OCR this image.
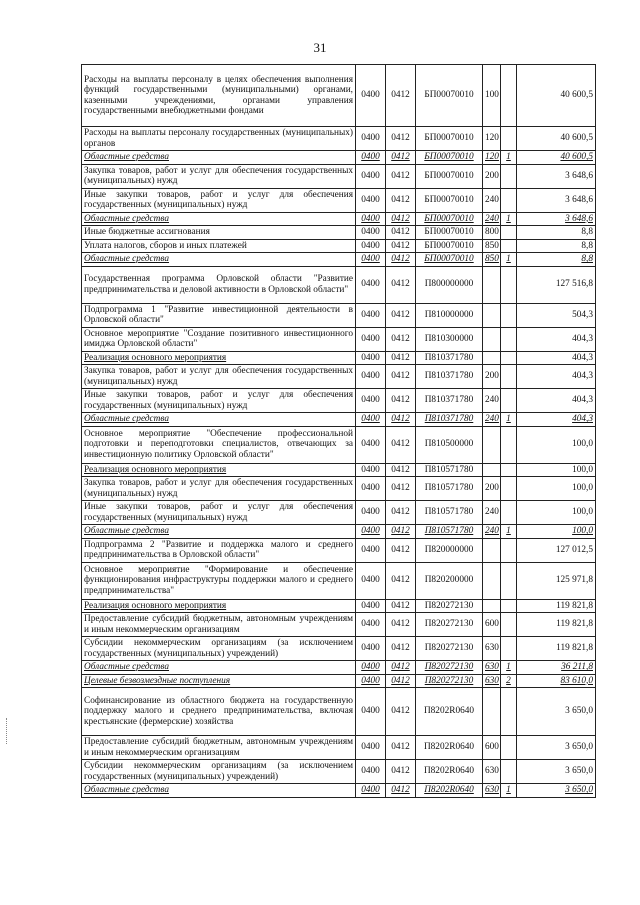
31
Расходы на выплаты персоналу в целях обеспечения выполнения функций государственными (муниципальными) органами, казенными учреждениями, органами управления государственными внебюджетными фондами	0400	0412	БП00070010	100		40 600,5
Расходы на выплаты персоналу государственных (муниципальных) органов	0400	0412	БП00070010	120		40 600,5
Областные средства	0400	0412	БП00070010	120	1	40 600,5
Закупка товаров, работ и услуг для обеспечения государственных (муниципальных) нужд	0400	0412	БП00070010	200		3 648,6
Иные закупки товаров, работ и услуг для обеспечения государственных (муниципальных) нужд	0400	0412	БП00070010	240		3 648,6
Областные средства	0400	0412	БП00070010	240	1	3 648,6
Иные бюджетные ассигнования	0400	0412	БП00070010	800		8,8
Уплата налогов, сборов и иных платежей	0400	0412	БП00070010	850		8,8
Областные средства	0400	0412	БП00070010	850	1	8,8
Государственная программа Орловской области "Развитие предпринимательства и деловой активности в Орловской области"	0400	0412	П800000000			127 516,8
Подпрограмма 1 "Развитие инвестиционной деятельности в Орловской области"	0400	0412	П810000000			504,3
Основное мероприятие "Создание позитивного инвестиционного имиджа Орловской области"	0400	0412	П810300000			404,3
Реализация основного мероприятия	0400	0412	П810371780			404,3
Закупка товаров, работ и услуг для обеспечения государственных (муниципальных) нужд	0400	0412	П810371780	200		404,3
Иные закупки товаров, работ и услуг для обеспечения государственных (муниципальных) нужд	0400	0412	П810371780	240		404,3
Областные средства	0400	0412	П810371780	240	1	404,3
Основное мероприятие "Обеспечение профессиональной подготовки и переподготовки специалистов, отвечающих за инвестиционную политику Орловской области"	0400	0412	П810500000			100,0
Реализация основного мероприятия	0400	0412	П810571780			100,0
Закупка товаров, работ и услуг для обеспечения государственных (муниципальных) нужд	0400	0412	П810571780	200		100,0
Иные закупки товаров, работ и услуг для обеспечения государственных (муниципальных) нужд	0400	0412	П810571780	240		100,0
Областные средства	0400	0412	П810571780	240	1	100,0
Подпрограмма 2 "Развитие и поддержка малого и среднего предпринимательства в Орловской области"	0400	0412	П820000000			127 012,5
Основное мероприятие "Формирование и обеспечение функционирования инфраструктуры поддержки малого и среднего предпринимательства"	0400	0412	П820200000			125 971,8
Реализация основного мероприятия	0400	0412	П820272130			119 821,8
Предоставление субсидий бюджетным, автономным учреждениям и иным некоммерческим организациям	0400	0412	П820272130	600		119 821,8
Субсидии некоммерческим организациям (за исключением государственных (муниципальных) учреждений)	0400	0412	П820272130	630		119 821,8
Областные средства	0400	0412	П820272130	630	1	36 211,8
Целевые безвозмездные поступления	0400	0412	П820272130	630	2	83 610,0
Софинансирование из областного бюджета на государственную поддержку малого и среднего предпринимательства, включая крестьянские (фермерские) хозяйства	0400	0412	П8202R0640			3 650,0
Предоставление субсидий бюджетным, автономным учреждениям и иным некоммерческим организациям	0400	0412	П8202R0640	600		3 650,0
Субсидии некоммерческим организациям (за исключением государственных (муниципальных) учреждений)	0400	0412	П8202R0640	630		3 650,0
Областные средства	0400	0412	П8202R0640	630	1	3 650,0
